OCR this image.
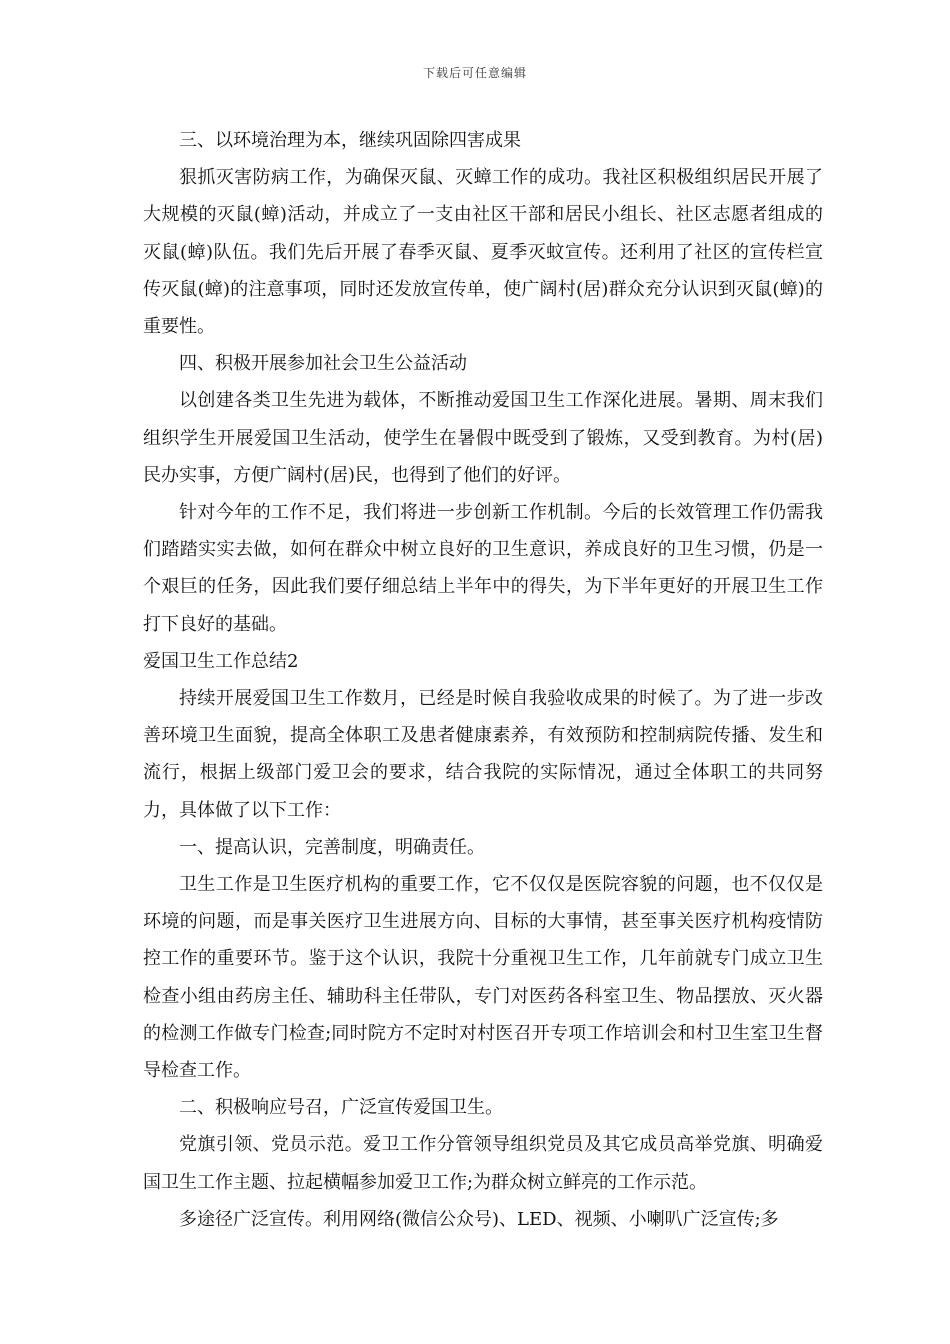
下载后可任意编辑

三、以环境治理为本，继续巩固除四害成果

狠抓灭害防病工作，为确保灭鼠、灭蟑工作的成功。我社区积极组织居民开展了大规模的灭鼠(蟑)活动，并成立了一支由社区干部和居民小组长、社区志愿者组成的灭鼠(蟑)队伍。我们先后开展了春季灭鼠、夏季灭蚊宣传。还利用了社区的宣传栏宣传灭鼠(蟑)的注意事项，同时还发放宣传单，使广阔村(居)群众充分认识到灭鼠(蟑)的重要性。

四、积极开展参加社会卫生公益活动

以创建各类卫生先进为载体，不断推动爱国卫生工作深化进展。暑期、周末我们组织学生开展爱国卫生活动，使学生在暑假中既受到了锻炼，又受到教育。为村(居)民办实事，方便广阔村(居)民，也得到了他们的好评。

针对今年的工作不足，我们将进一步创新工作机制。今后的长效管理工作仍需我们踏踏实实去做，如何在群众中树立良好的卫生意识，养成良好的卫生习惯，仍是一个艰巨的任务，因此我们要仔细总结上半年中的得失，为下半年更好的开展卫生工作打下良好的基础。

爱国卫生工作总结2

持续开展爱国卫生工作数月，已经是时候自我验收成果的时候了。为了进一步改善环境卫生面貌，提高全体职工及患者健康素养，有效预防和控制病院传播、发生和流行，根据上级部门爱卫会的要求，结合我院的实际情况，通过全体职工的共同努力，具体做了以下工作：

一、提高认识，完善制度，明确责任。

卫生工作是卫生医疗机构的重要工作，它不仅仅是医院容貌的问题，也不仅仅是环境的问题，而是事关医疗卫生进展方向、目标的大事情，甚至事关医疗机构疫情防控工作的重要环节。鉴于这个认识，我院十分重视卫生工作，几年前就专门成立卫生检查小组由药房主任、辅助科主任带队，专门对医药各科室卫生、物品摆放、灭火器的检测工作做专门检查;同时院方不定时对村医召开专项工作培训会和村卫生室卫生督导检查工作。

二、积极响应号召，广泛宣传爱国卫生。

党旗引领、党员示范。爱卫工作分管领导组织党员及其它成员高举党旗、明确爱国卫生工作主题、拉起横幅参加爱卫工作;为群众树立鲜亮的工作示范。

多途径广泛宣传。利用网络(微信公众号)、LED、视频、小喇叭广泛宣传;多
